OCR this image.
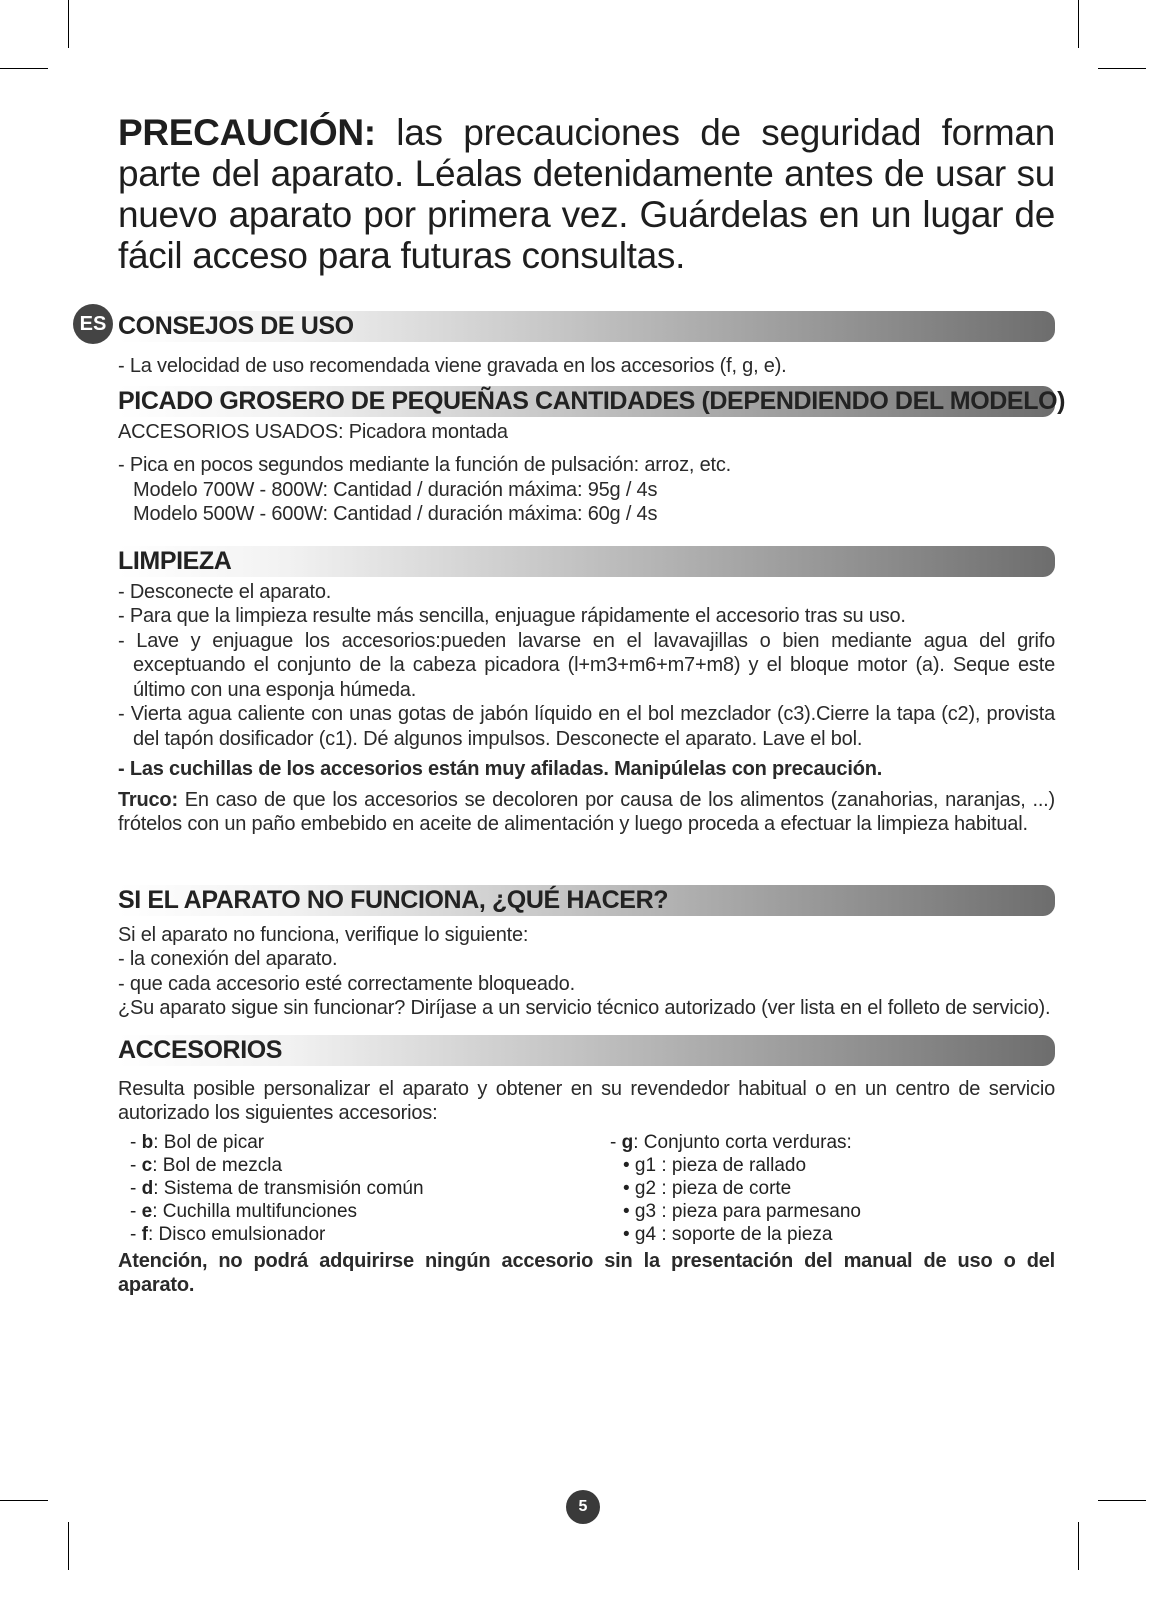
ES

PRECAUCIÓN: las precauciones de seguridad forman parte del aparato. Léalas detenidamente antes de usar su nuevo aparato por primera vez. Guárdelas en un lugar de fácil acceso para futuras consultas.

CONSEJOS DE USO

- La velocidad de uso recomendada viene gravada en los accesorios (f, g, e).

PICADO GROSERO DE PEQUEÑAS CANTIDADES (DEPENDIENDO DEL MODELO)

ACCESORIOS USADOS: Picadora montada

- Pica en pocos segundos mediante la función de pulsación: arroz, etc.

Modelo 700W - 800W: Cantidad / duración máxima: 95g / 4s

Modelo 500W - 600W: Cantidad / duración máxima: 60g / 4s

LIMPIEZA

- Desconecte el aparato.

- Para que la limpieza resulte más sencilla, enjuague rápidamente el accesorio tras su uso.

- Lave y enjuague los accesorios:pueden lavarse en el lavavajillas o bien mediante agua del grifo exceptuando el conjunto de la cabeza picadora (l+m3+m6+m7+m8) y el bloque motor (a). Seque este último con una esponja húmeda.

- Vierta agua caliente con unas gotas de jabón líquido en el bol mezclador (c3).Cierre la tapa (c2), provista del tapón dosificador (c1). Dé algunos impulsos. Desconecte el aparato. Lave el bol.

- Las cuchillas de los accesorios están muy afiladas. Manipúlelas con precaución.

Truco: En caso de que los accesorios se decoloren por causa de los alimentos (zanahorias, naranjas, ...) frótelos con un paño embebido en aceite de alimentación y luego proceda a efectuar la limpieza habitual.

SI EL APARATO NO FUNCIONA, ¿QUÉ HACER?

Si el aparato no funciona, verifique lo siguiente:

- la conexión del aparato.

- que cada accesorio esté correctamente bloqueado.

¿Su aparato sigue sin funcionar? Diríjase a un servicio técnico autorizado (ver lista en el folleto de servicio).

ACCESORIOS

Resulta posible personalizar el aparato y obtener en su revendedor habitual o en un centro de servicio autorizado los siguientes accesorios:

- b: Bol de picar
- c: Bol de mezcla
- d: Sistema de transmisión común
- e: Cuchilla multifunciones
- f: Disco emulsionador
- g: Conjunto corta verduras:
• g1 : pieza de rallado
• g2 : pieza de corte
• g3 : pieza para parmesano
• g4 : soporte de la pieza

Atención, no podrá adquirirse ningún accesorio sin la presentación del manual de uso o del aparato.

5
